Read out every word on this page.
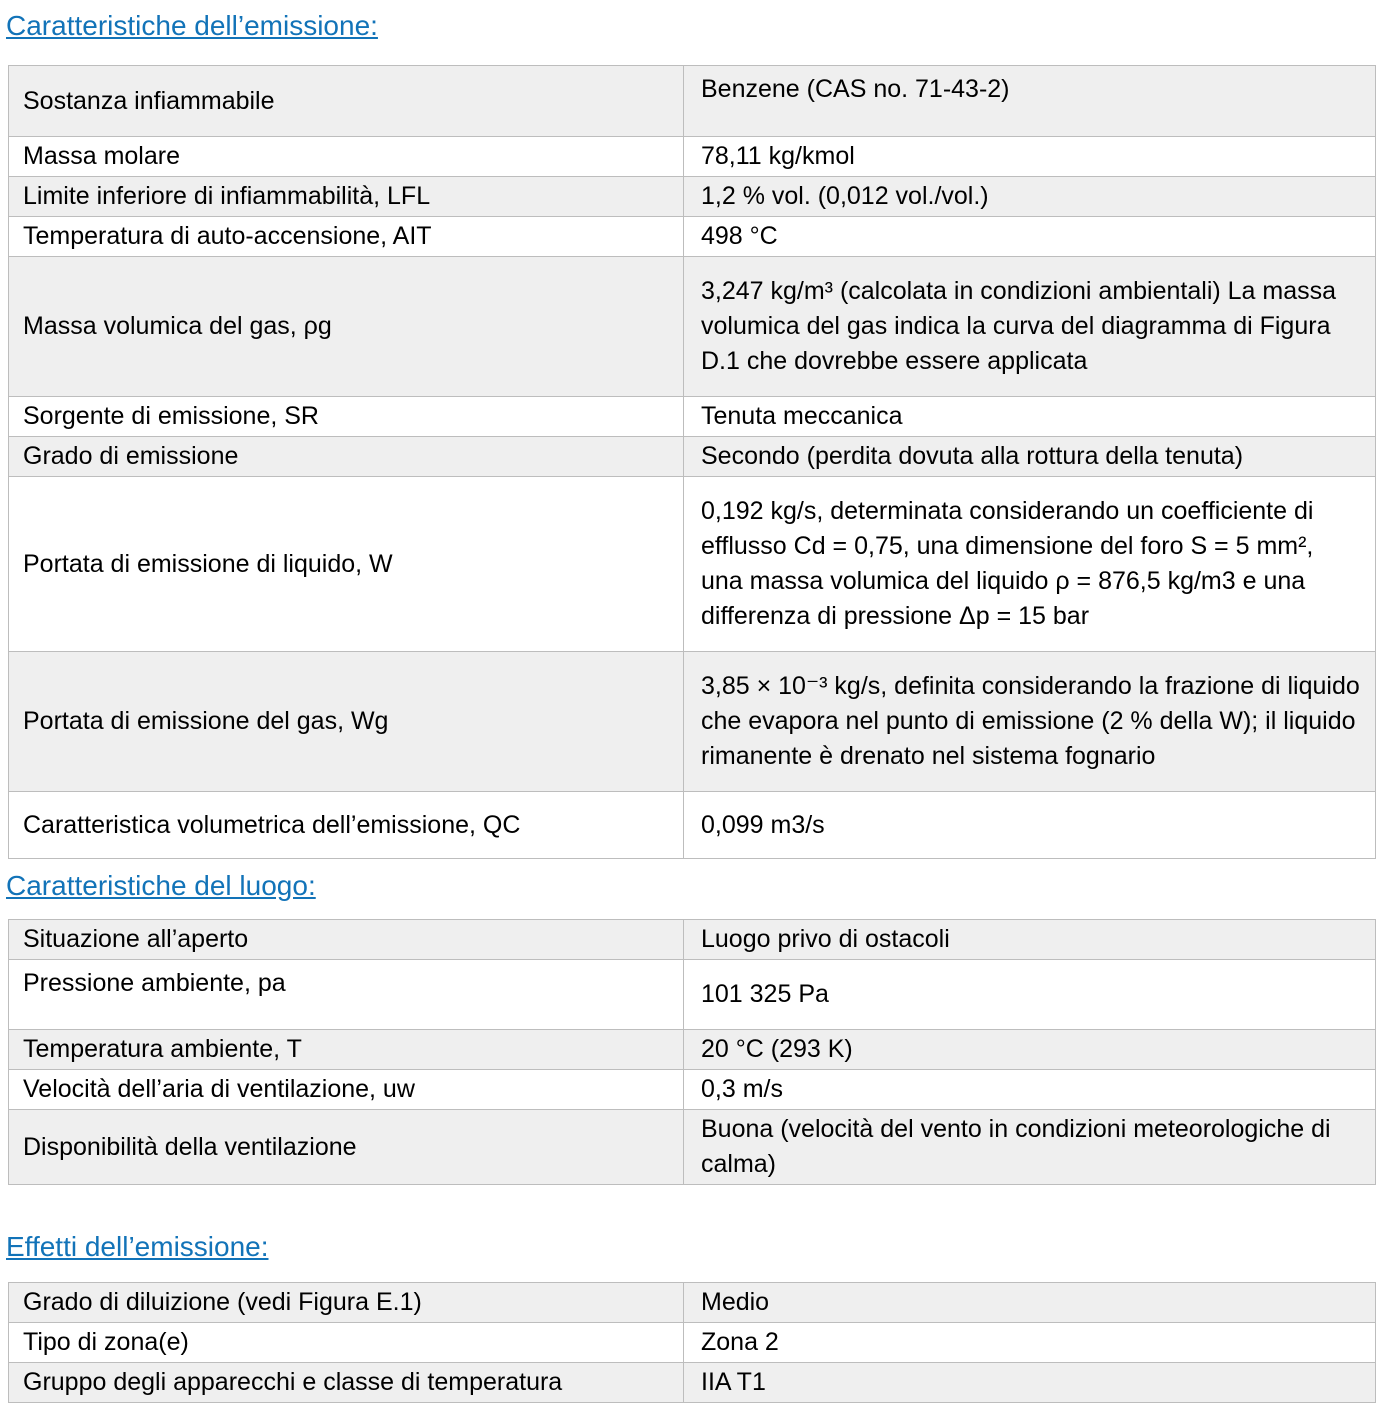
Caratteristiche dell’emissione:
Sostanza infiammabile	Benzene (CAS no. 71-43-2)
Massa molare	78,11 kg/kmol
Limite inferiore di infiammabilità, LFL	1,2 % vol. (0,012 vol./vol.)
Temperatura di auto-accensione, AIT	498 °C
Massa volumica del gas, ρg	3,247 kg/m³ (calcolata in condizioni ambientali) La massa volumica del gas indica la curva del diagramma di Figura D.1 che dovrebbe essere applicata
Sorgente di emissione, SR	Tenuta meccanica
Grado di emissione	Secondo (perdita dovuta alla rottura della tenuta)
Portata di emissione di liquido, W	0,192 kg/s, determinata considerando un coefficiente di efflusso Cd = 0,75, una dimensione del foro S = 5 mm², una massa volumica del liquido ρ = 876,5 kg/m3 e una differenza di pressione Δp = 15 bar
Portata di emissione del gas, Wg	3,85 × 10⁻³ kg/s, definita considerando la frazione di liquido che evapora nel punto di emissione (2 % della W); il liquido rimanente è drenato nel sistema fognario
Caratteristica volumetrica dell’emissione, QC	0,099 m3/s
Caratteristiche del luogo:
Situazione all’aperto	Luogo privo di ostacoli
Pressione ambiente, pa	101 325 Pa
Temperatura ambiente, T	20 °C (293 K)
Velocità dell’aria di ventilazione, uw	0,3 m/s
Disponibilità della ventilazione	Buona (velocità del vento in condizioni meteorologiche di calma)
Effetti dell’emissione:
Grado di diluizione (vedi Figura E.1)	Medio
Tipo di zona(e)	Zona 2
Gruppo degli apparecchi e classe di temperatura	IIA T1
